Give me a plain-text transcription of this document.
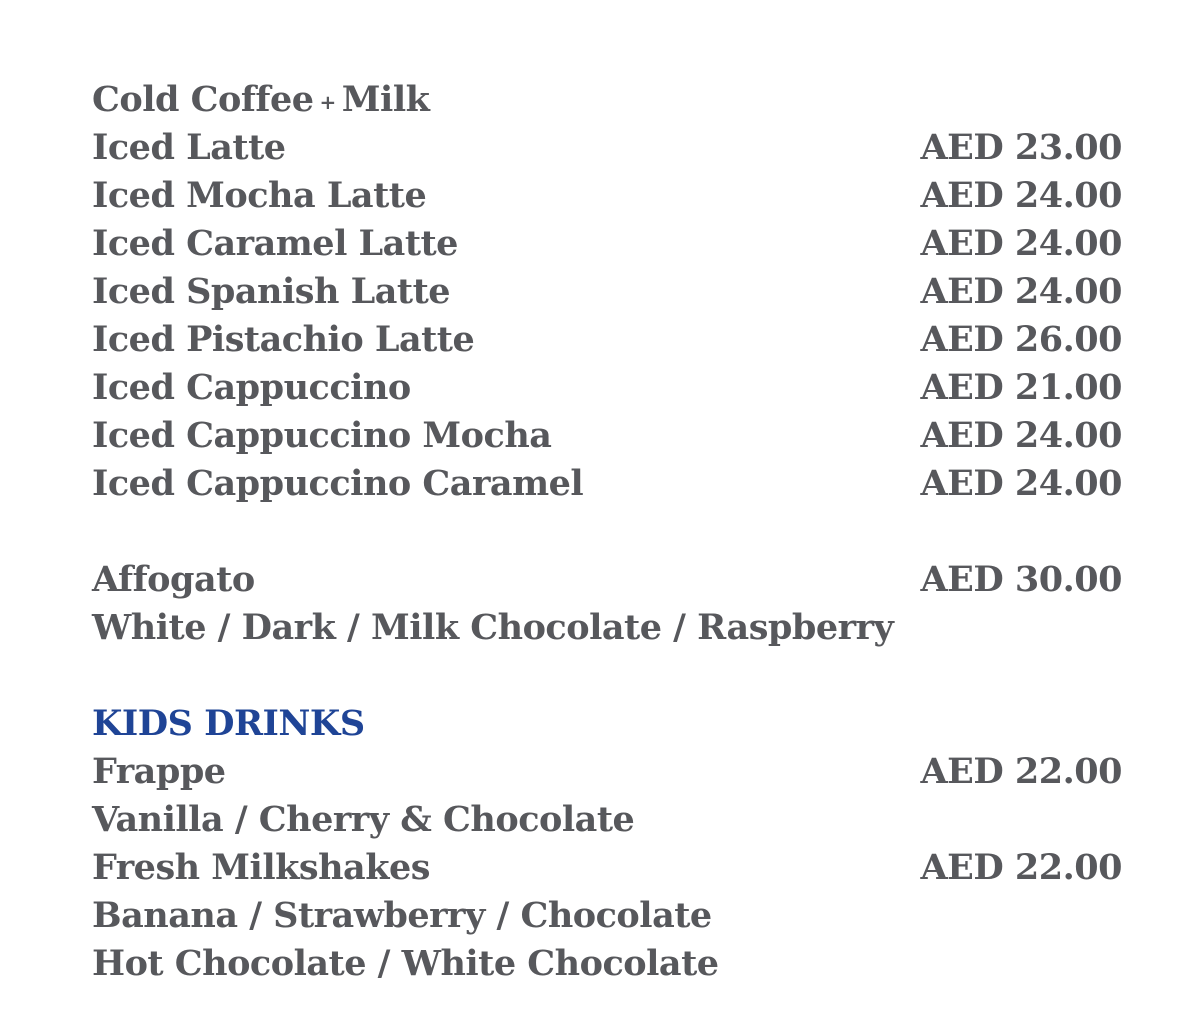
Cold Coffee + Milk
Iced Latte	AED 23.00
Iced Mocha Latte	AED 24.00
Iced Caramel Latte	AED 24.00
Iced Spanish Latte	AED 24.00
Iced Pistachio Latte	AED 26.00
Iced Cappuccino	AED 21.00
Iced Cappuccino Mocha	AED 24.00
Iced Cappuccino Caramel	AED 24.00
Affogato	AED 30.00
White / Dark / Milk Chocolate / Raspberry
KIDS DRINKS
Frappe	AED 22.00
Vanilla / Cherry & Chocolate
Fresh Milkshakes	AED 22.00
Banana / Strawberry / Chocolate
Hot Chocolate / White Chocolate
